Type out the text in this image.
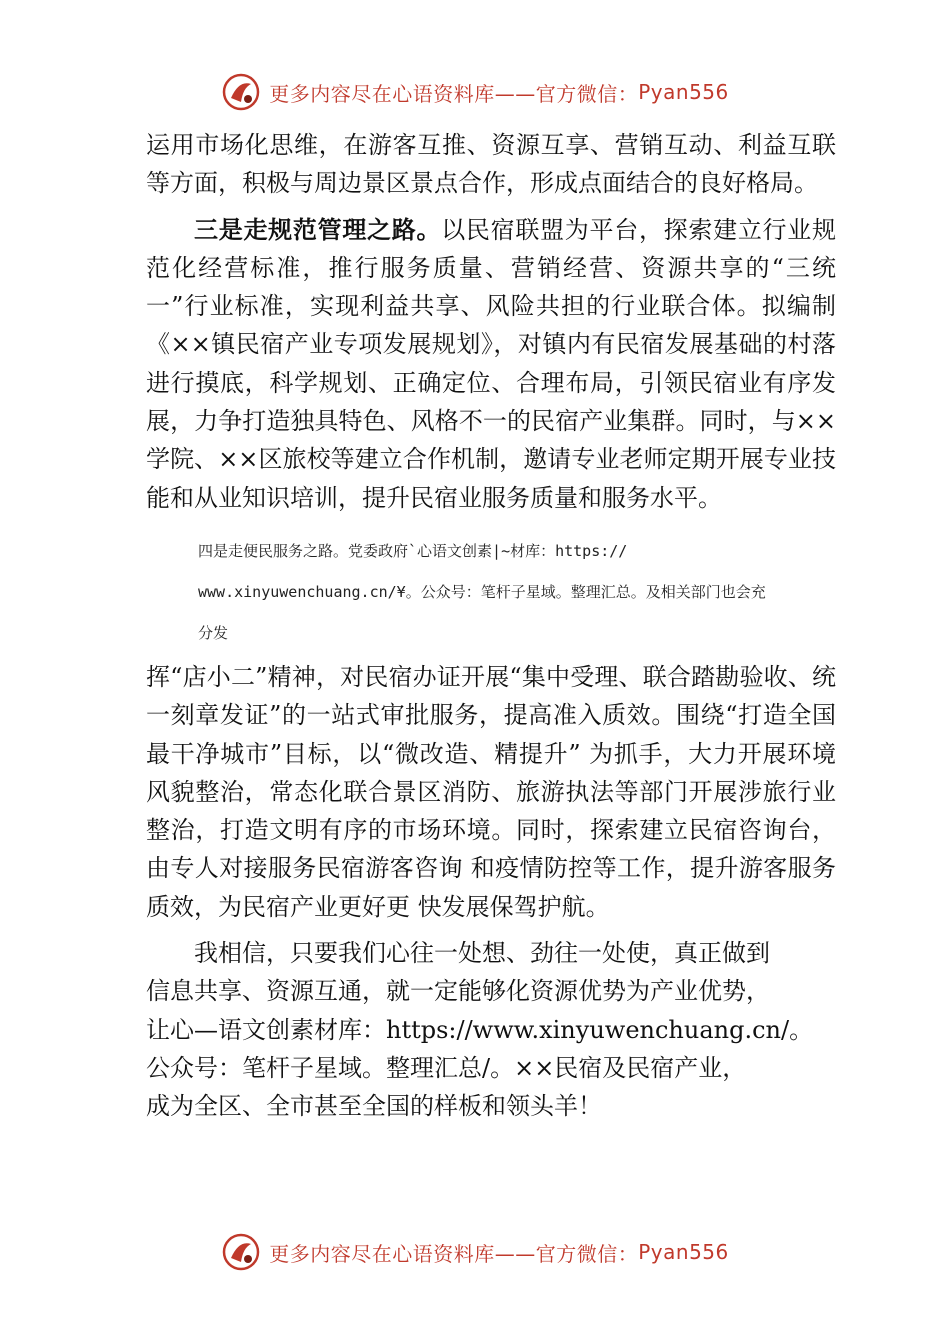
更多内容尽在心语资料库——官方微信： Pyan556

运用市场化思维，在游客互推、资源互享、营销互动、利益互联等方面，积极与周边景区景点合作，形成点面结合的良好格局。

三是走规范管理之路。以民宿联盟为平台，探索建立行业规范化经营标准，推行服务质量、营销经营、资源共享的“三统一”行业标准，实现利益共享、风险共担的行业联合体。拟编制《××镇民宿产业专项发展规划》，对镇内有民宿发展基础的村落进行摸底，科学规划、正确定位、合理布局，引领民宿业有序发展，力争打造独具特色、风格不一的民宿产业集群。同时，与××学院、××区旅校等建立合作机制，邀请专业老师定期开展专业技能和从业知识培训，提升民宿业服务质量和服务水平。

四是走便民服务之路。党委政府`心语文创素|~材库：https://
www.xinyuwenchuang.cn/¥。公众号：笔杆子星域。整理汇总。及相关部门也会充
分发

挥“店小二”精神，对民宿办证开展“集中受理、联合踏勘验收、统一刻章发证”的一站式审批服务，提高准入质效。围绕“打造全国最干净城市”目标，以“微改造、精提升” 为抓手，大力开展环境风貌整治，常态化联合景区消防、旅游执法等部门开展涉旅行业整治，打造文明有序的市场环境。同时，探索建立民宿咨询台，由专人对接服务民宿游客咨询 和疫情防控等工作，提升游客服务质效，为民宿产业更好更 快发展保驾护航。

我相信，只要我们心往一处想、劲往一处使，真正做到
信息共享、资源互通，就一定能够化资源优势为产业优势，
让心—语文创素材库：https://www.xinyuwenchuang.cn/。
公众号：笔杆子星域。整理汇总/。××民宿及民宿产业，
成为全区、全市甚至全国的样板和领头羊！
更多内容尽在心语资料库——官方微信： Pyan556
